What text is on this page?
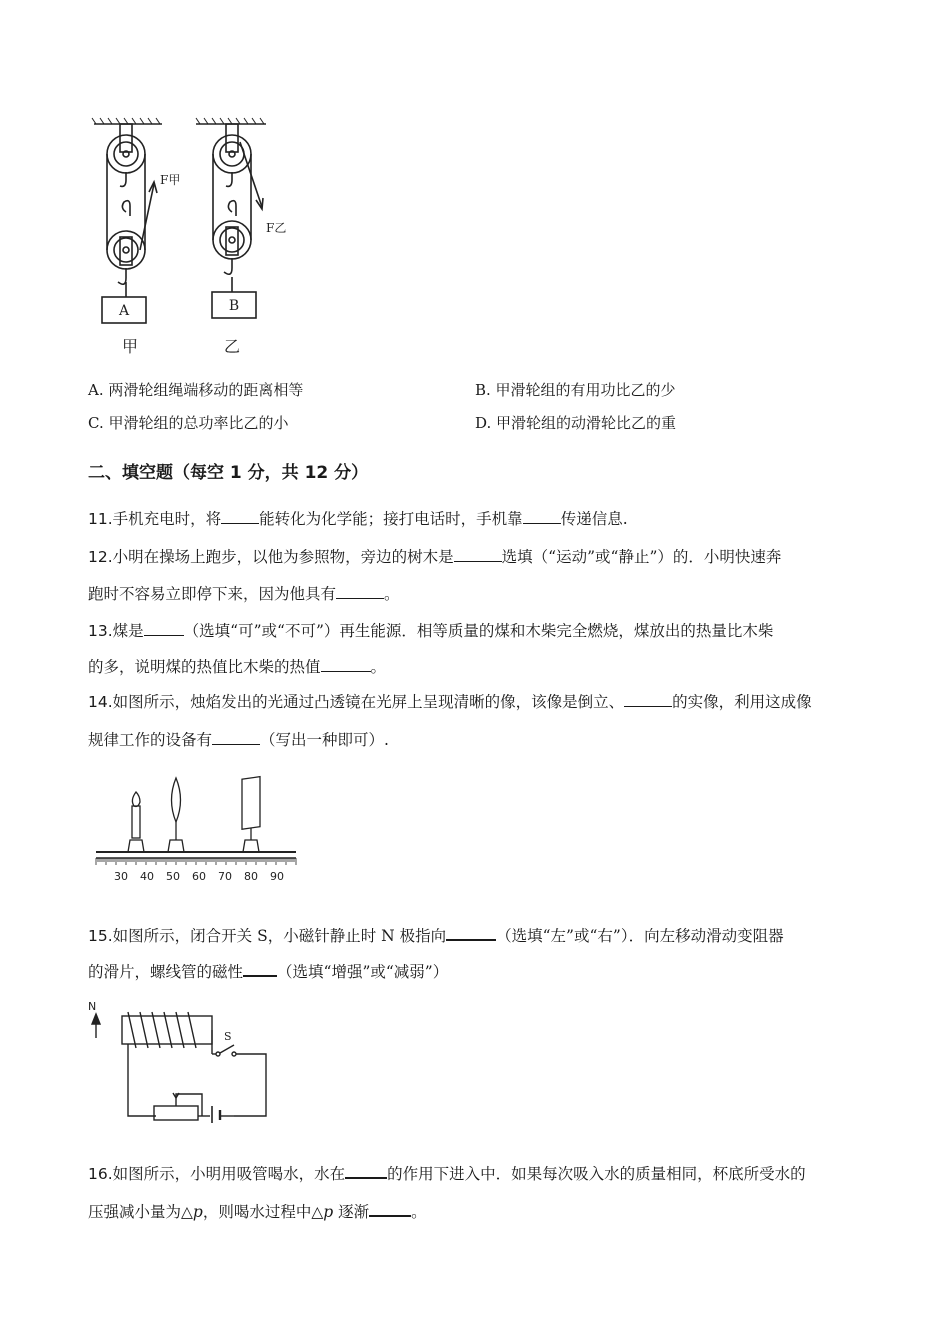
A	B
F甲
F乙
甲	乙
A. 两滑轮组绳端移动的距离相等	B. 甲滑轮组的有用功比乙的少
C. 甲滑轮组的总功率比乙的小	D. 甲滑轮组的动滑轮比乙的重
二、填空题（每空 1 分，共 12 分）
11.手机充电时，将 能转化为化学能；接打电话时，手机靠 传递信息.
12.小明在操场上跑步，以他为参照物，旁边的树木是	选填（“运动”或“静止”）的．小明快速奔
跑时不容易立即停下来，因为他具有	。
13.煤是	（选填“可”或“不可”）再生能源．相等质量的煤和木柴完全燃烧，煤放出的热量比木柴
的多，说明煤的热值比木柴的热值	。
14.如图所示，烛焰发出的光通过凸透镜在光屏上呈现清晰的像，该像是倒立、	的实像，利用这成像
规律工作的设备有	（写出一种即可）.
30 40 50 60 70 80 90
15.如图所示，闭合开关 S，小磁针静止时 N 极指向	（选填“左”或“右”）．向左移动滑动变阻器
的滑片，螺线管的磁性 （选填“增强”或“减弱”）
N
S
16.如图所示，小明用吸管喝水，水在	的作用下进入中．如果每次吸入水的质量相同，杯底所受水的
压强减小量为△p，则喝水过程中△p 逐渐	。
